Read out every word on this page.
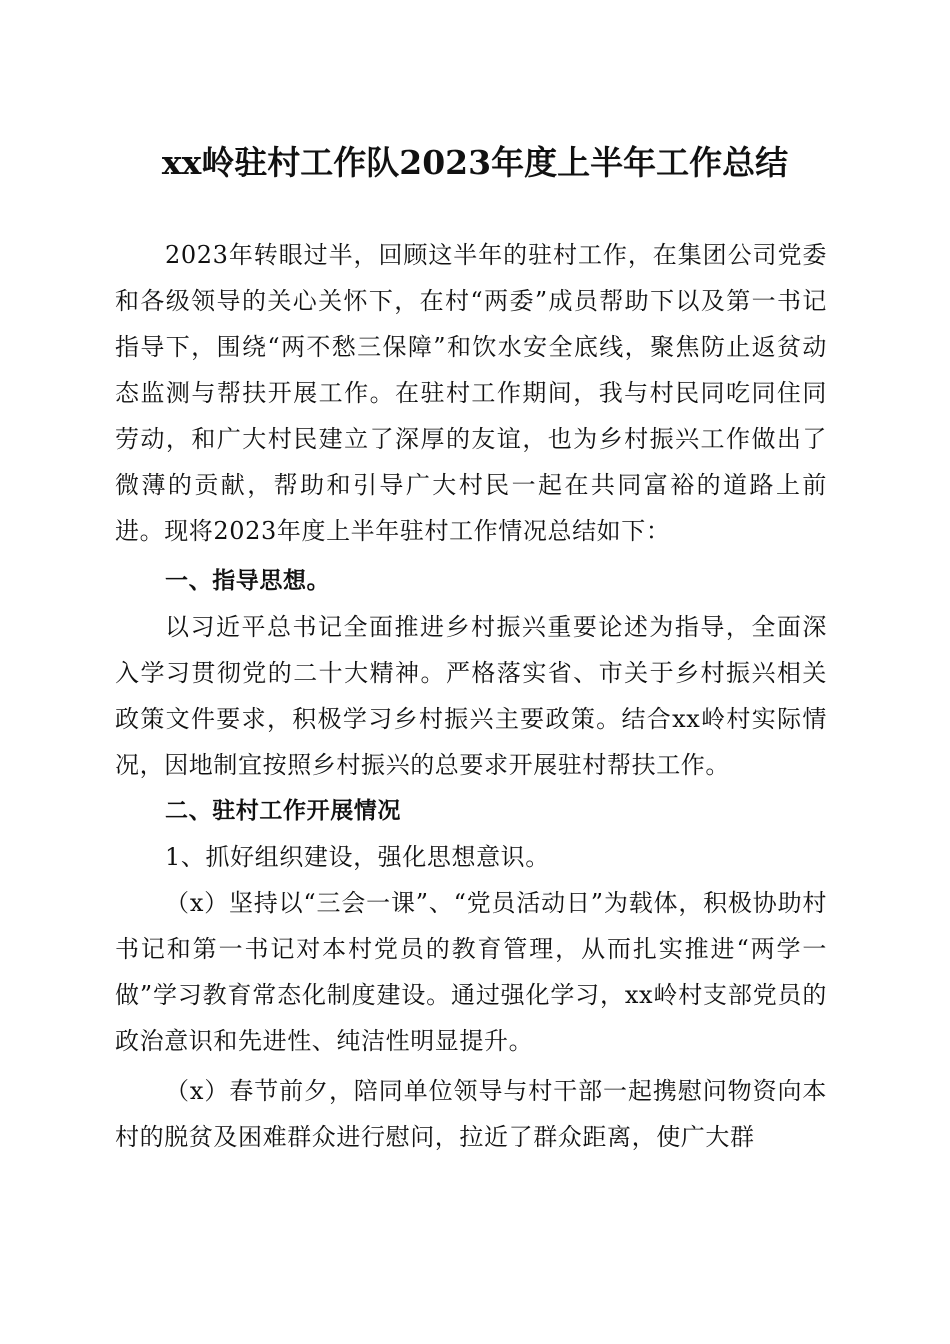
xx岭驻村工作队2023年度上半年工作总结

2023年转眼过半，回顾这半年的驻村工作，在集团公司党委和各级领导的关心关怀下，在村“两委”成员帮助下以及第一书记指导下，围绕“两不愁三保障”和饮水安全底线，聚焦防止返贫动态监测与帮扶开展工作。在驻村工作期间，我与村民同吃同住同劳动，和广大村民建立了深厚的友谊，也为乡村振兴工作做出了微薄的贡献，帮助和引导广大村民一起在共同富裕的道路上前进。现将2023年度上半年驻村工作情况总结如下：

一、指导思想。

以习近平总书记全面推进乡村振兴重要论述为指导，全面深入学习贯彻党的二十大精神。严格落实省、市关于乡村振兴相关政策文件要求，积极学习乡村振兴主要政策。结合xx岭村实际情况，因地制宜按照乡村振兴的总要求开展驻村帮扶工作。

二、驻村工作开展情况

1、抓好组织建设，强化思想意识。

（x）坚持以“三会一课”、“党员活动日”为载体，积极协助村书记和第一书记对本村党员的教育管理，从而扎实推进“两学一做”学习教育常态化制度建设。通过强化学习，xx岭村支部党员的政治意识和先进性、纯洁性明显提升。

（x）春节前夕，陪同单位领导与村干部一起携慰问物资向本村的脱贫及困难群众进行慰问，拉近了群众距离，使广大群
